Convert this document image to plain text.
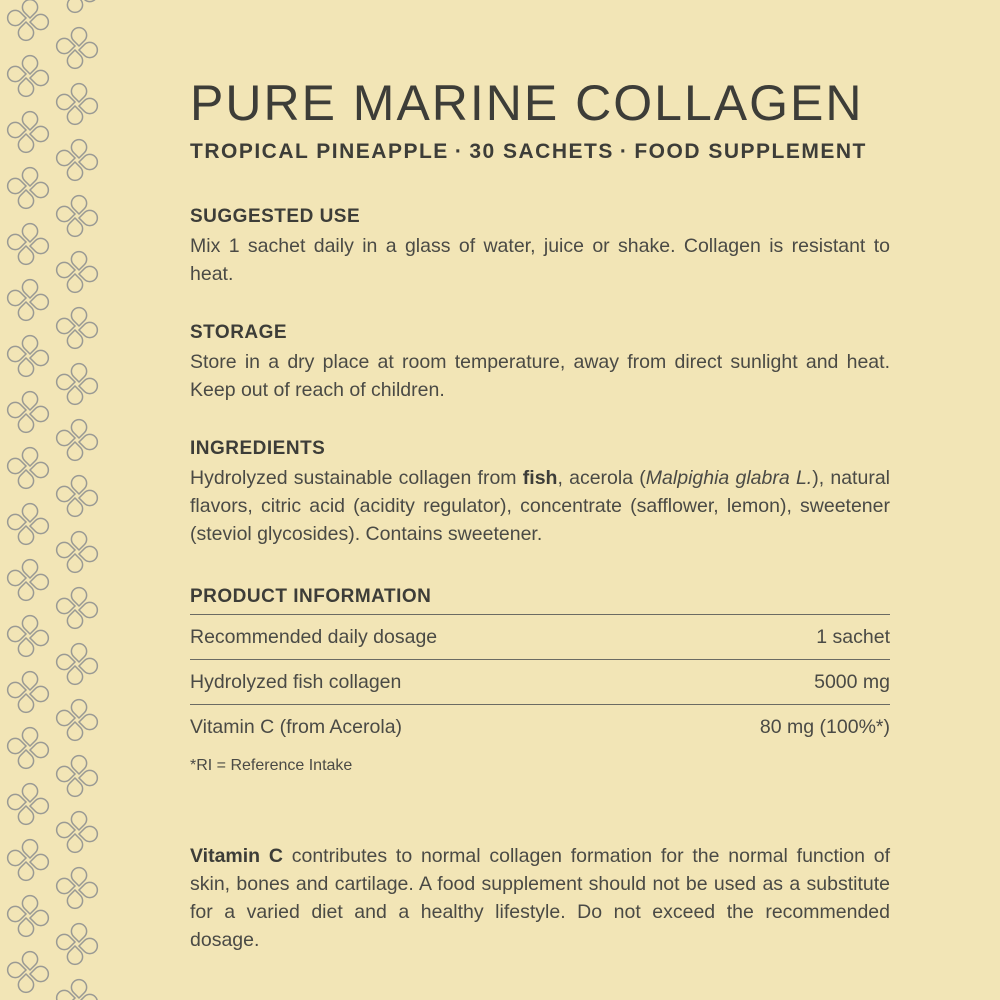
PURE MARINE COLLAGEN
TROPICAL PINEAPPLE · 30 SACHETS · FOOD SUPPLEMENT
SUGGESTED USE

Mix 1 sachet daily in a glass of water, juice or shake. Collagen is resistant to heat.

STORAGE

Store in a dry place at room temperature, away from direct sunlight and heat. Keep out of reach of children.

INGREDIENTS

Hydrolyzed sustainable collagen from fish, acerola (Malpighia glabra L.), natural flavors, citric acid (acidity regulator), concentrate (safflower, lemon), sweetener (steviol glycosides). Contains sweetener.

PRODUCT INFORMATION
Recommended daily dosage	1 sachet
Hydrolyzed fish collagen	5000 mg
Vitamin C (from Acerola)	80 mg (100%*)
*RI = Reference Intake

Vitamin C contributes to normal collagen formation for the normal function of skin, bones and cartilage. A food supplement should not be used as a substitute for a varied diet and a healthy lifestyle. Do not exceed the recommended dosage.
